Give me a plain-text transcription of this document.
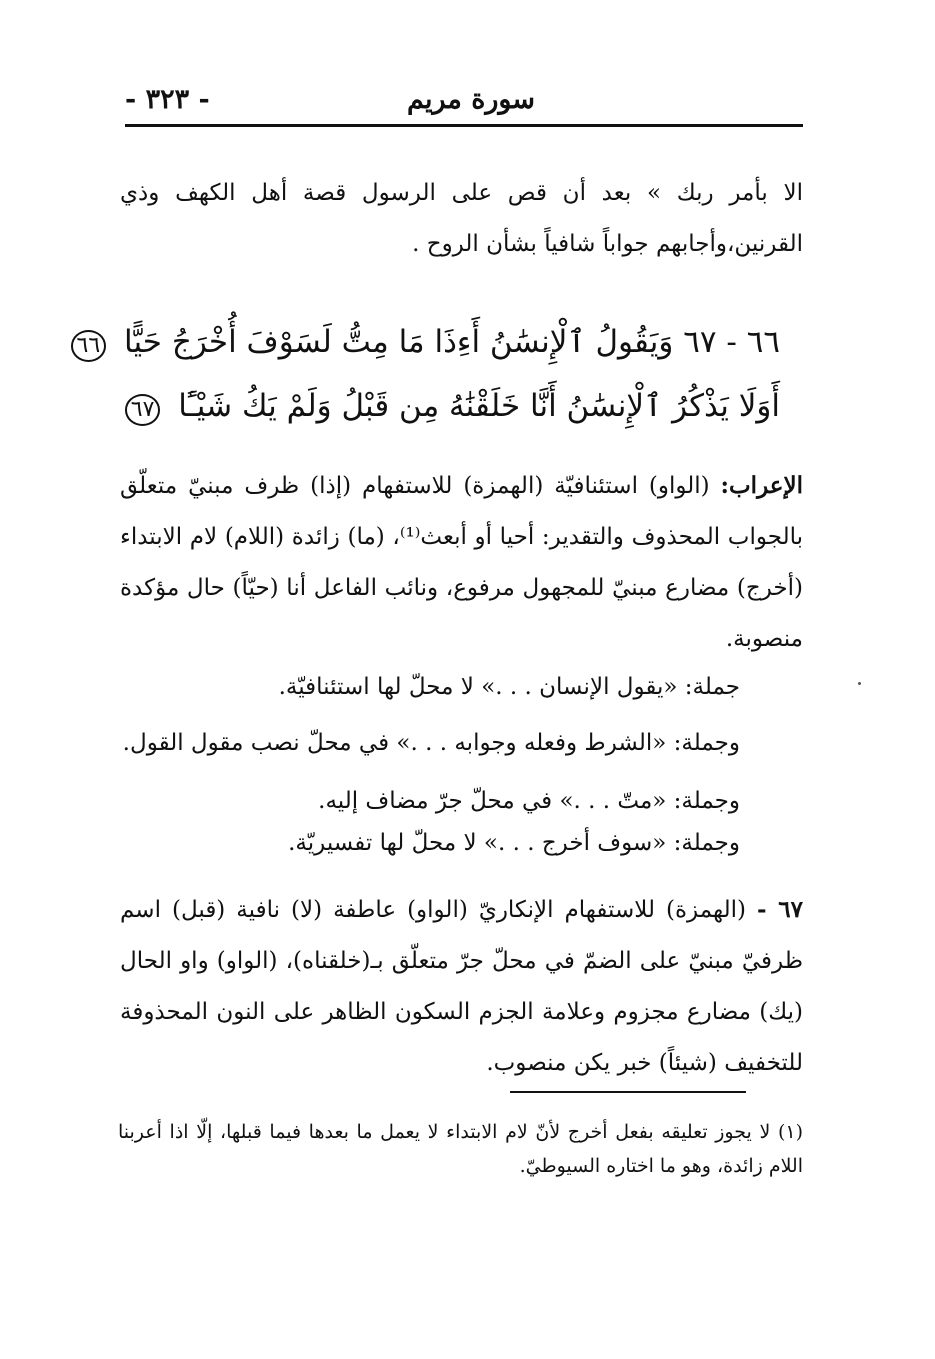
سورة مريم
- ٣٢٣ -
الا بأمر ربك » بعد أن قص على الرسول قصة أهل الكهف وذي القرنين،وأجابهم جواباً شافياً بشأن الروح .
٦٦ - ٦٧ وَيَقُولُ ٱلْإِنسَٰنُ أَءِذَا مَا مِتُّ لَسَوْفَ أُخْرَجُ حَيًّا ٦٦
أَوَلَا يَذْكُرُ ٱلْإِنسَٰنُ أَنَّا خَلَقْنَٰهُ مِن قَبْلُ وَلَمْ يَكُ شَيْـًٔا ٦٧
الإعراب: (الواو) استئنافيّة (الهمزة) للاستفهام (إذا) ظرف مبنيّ متعلّق بالجواب المحذوف والتقدير: أحيا أو أبعث⁽¹⁾، (ما) زائدة (اللام) لام الابتداء (أخرج) مضارع مبنيّ للمجهول مرفوع، ونائب الفاعل أنا (حيّاً) حال مؤكدة منصوبة.
جملة: «يقول الإنسان . . .» لا محلّ لها استئنافيّة.
وجملة: «الشرط وفعله وجوابه . . .» في محلّ نصب مقول القول.
وجملة: «متّ . . .» في محلّ جرّ مضاف إليه.
وجملة: «سوف أخرج . . .» لا محلّ لها تفسيريّة.
٦٧ - (الهمزة) للاستفهام الإنكاريّ (الواو) عاطفة (لا) نافية (قبل) اسم ظرفيّ مبنيّ على الضمّ في محلّ جرّ متعلّق بـ(خلقناه)، (الواو) واو الحال (يك) مضارع مجزوم وعلامة الجزم السكون الظاهر على النون المحذوفة للتخفيف (شيئاً) خبر يكن منصوب.
(١) لا يجوز تعليقه بفعل أخرج لأنّ لام الابتداء لا يعمل ما بعدها فيما قبلها، إلّا اذا أعربنا اللام زائدة، وهو ما اختاره السيوطيّ.
